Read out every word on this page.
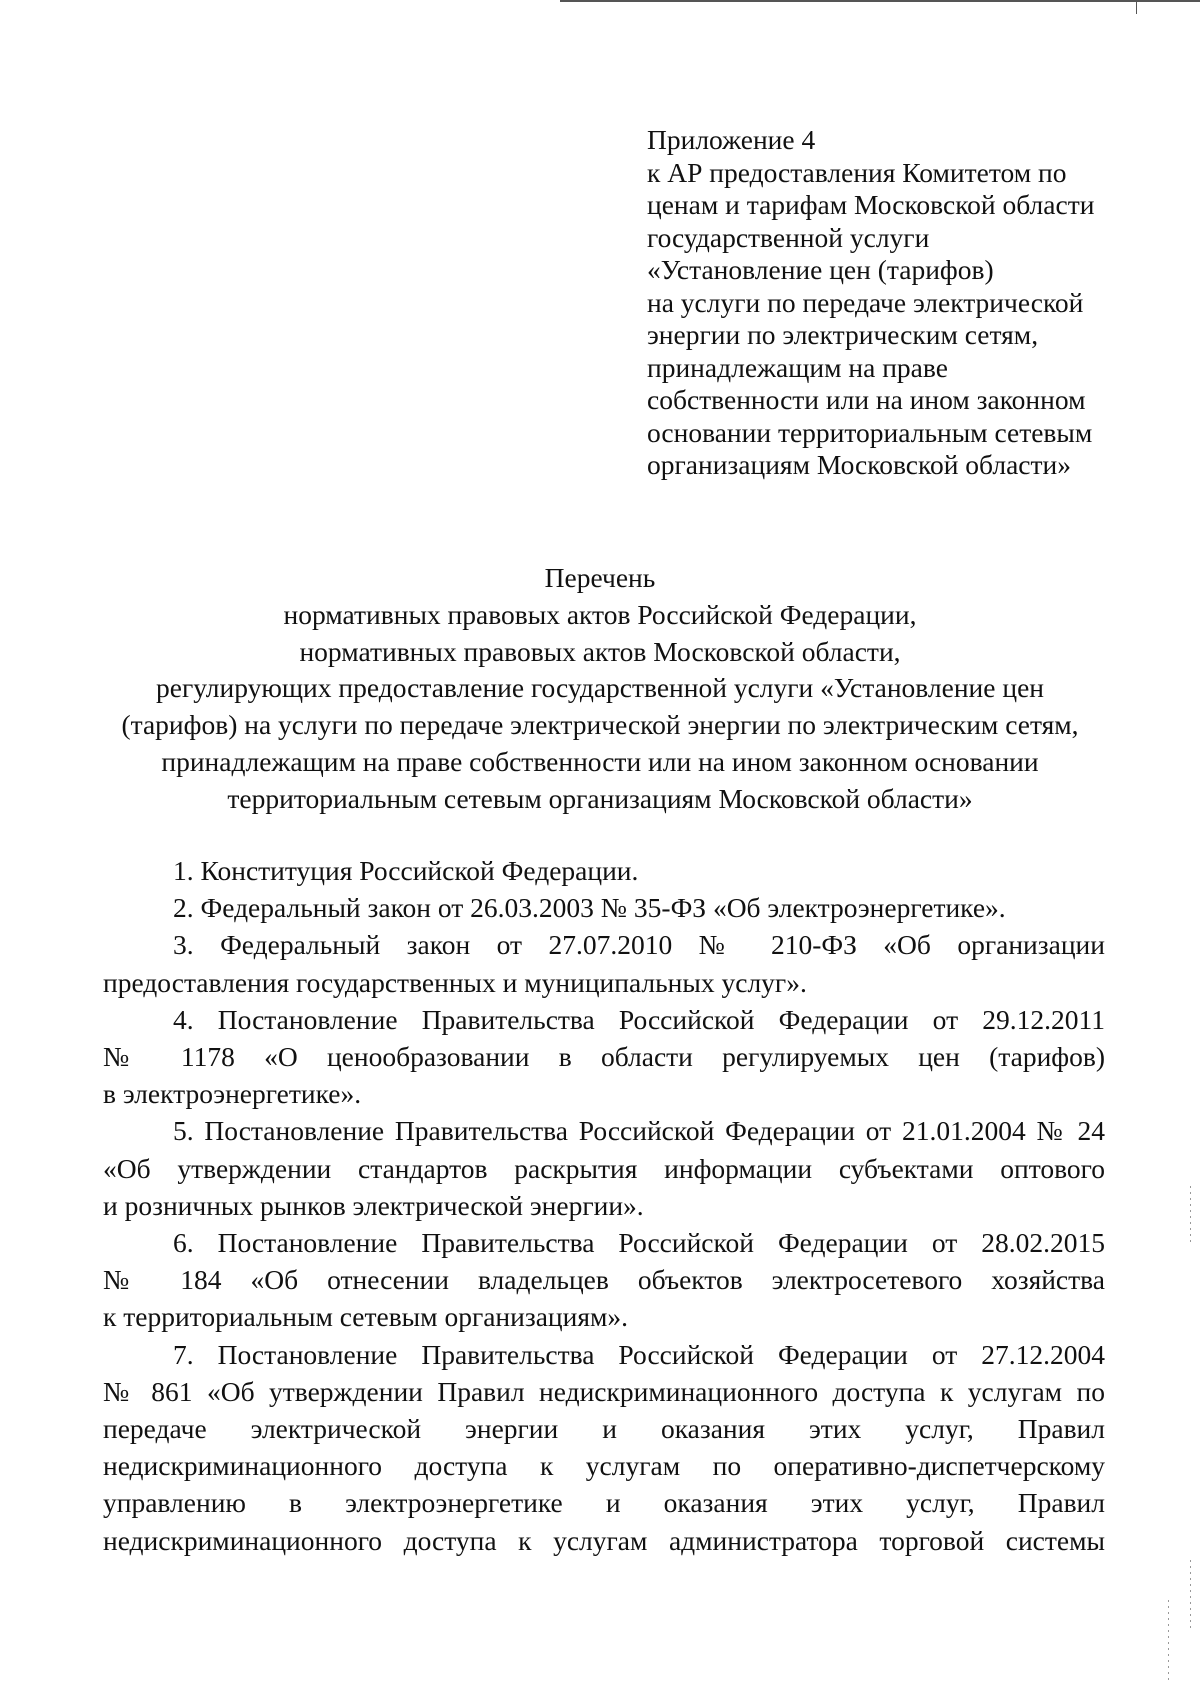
Приложение 4
к АР предоставления Комитетом по
ценам и тарифам Московской области
государственной услуги
«Установление цен (тарифов)
на услуги по передаче электрической
энергии по электрическим сетям,
принадлежащим на праве
собственности или на ином законном
основании территориальным сетевым
организациям Московской области»
Перечень
нормативных правовых актов Российской Федерации,
нормативных правовых актов Московской области,
регулирующих предоставление государственной услуги «Установление цен
(тарифов) на услуги по передаче электрической энергии по электрическим сетям,
принадлежащим на праве собственности или на ином законном основании
территориальным сетевым организациям Московской области»
1. Конституция Российской Федерации.
2. Федеральный закон от 26.03.2003 № 35-ФЗ «Об электроэнергетике».
3. Федеральный закон от 27.07.2010 № 210-ФЗ «Об организации
предоставления государственных и муниципальных услуг».
4. Постановление Правительства Российской Федерации от 29.12.2011
№ 1178 «О ценообразовании в области регулируемых цен (тарифов)
в электроэнергетике».
5. Постановление Правительства Российской Федерации от 21.01.2004 № 24
«Об утверждении стандартов раскрытия информации субъектами оптового
и розничных рынков электрической энергии».
6. Постановление Правительства Российской Федерации от 28.02.2015
№ 184 «Об отнесении владельцев объектов электросетевого хозяйства
к территориальным сетевым организациям».
7. Постановление Правительства Российской Федерации от 27.12.2004
№ 861 «Об утверждении Правил недискриминационного доступа к услугам по
передаче электрической энергии и оказания этих услуг, Правил
недискриминационного доступа к услугам по оперативно-диспетчерскому
управлению в электроэнергетике и оказания этих услуг, Правил
недискриминационного доступа к услугам администратора торговой системы
